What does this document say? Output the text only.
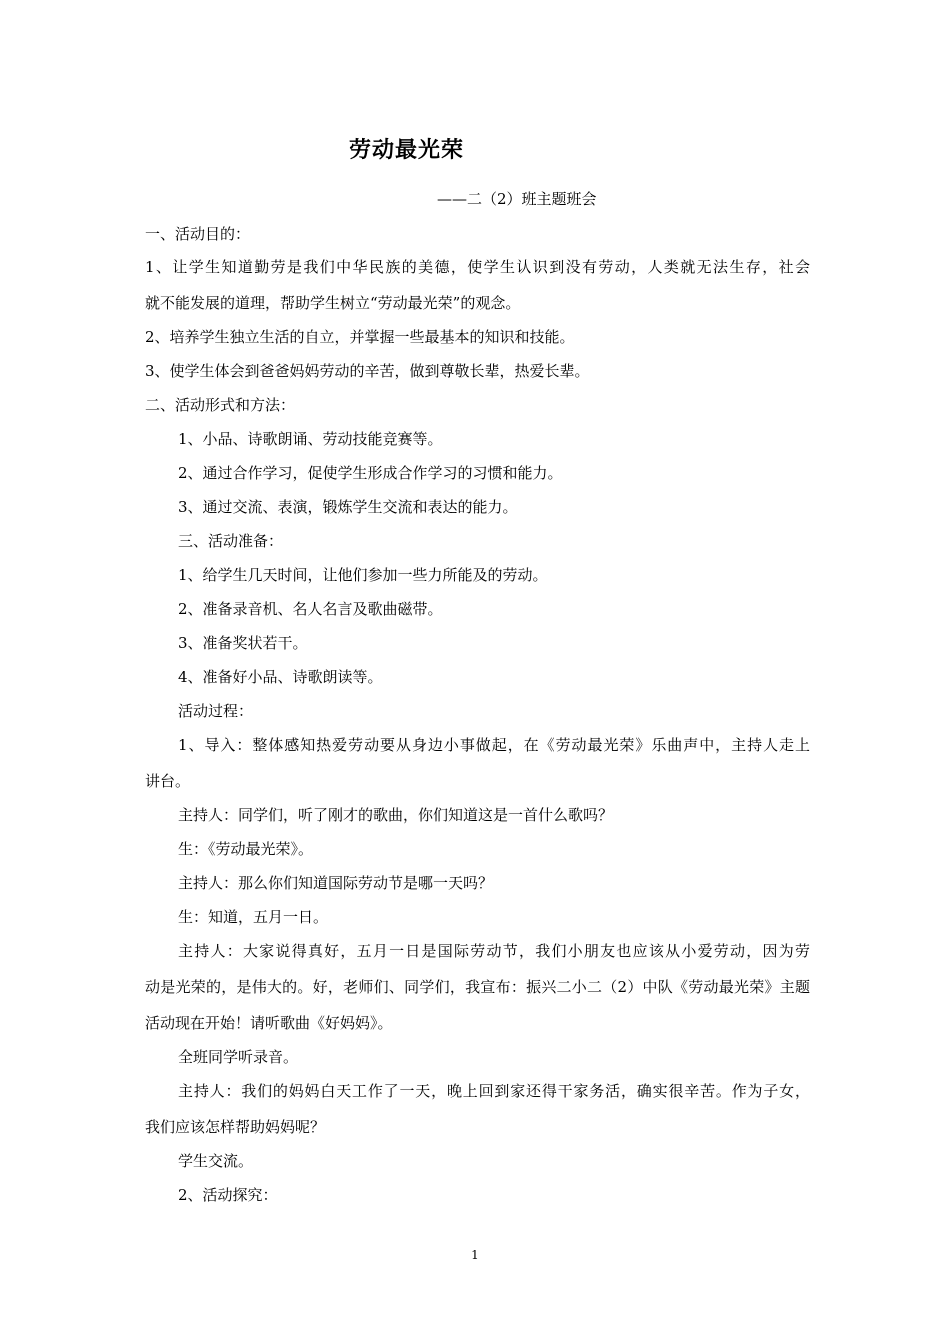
劳动最光荣
——二（2）班主题班会
一、活动目的：
1、让学生知道勤劳是我们中华民族的美德，使学生认识到没有劳动，人类就无法生存，社会
就不能发展的道理，帮助学生树立“劳动最光荣”的观念。
2、培养学生独立生活的自立，并掌握一些最基本的知识和技能。
3、使学生体会到爸爸妈妈劳动的辛苦，做到尊敬长辈，热爱长辈。
二、活动形式和方法：
1、小品、诗歌朗诵、劳动技能竞赛等。
2、通过合作学习，促使学生形成合作学习的习惯和能力。
3、通过交流、表演，锻炼学生交流和表达的能力。
三、活动准备：
1、给学生几天时间，让他们参加一些力所能及的劳动。
2、准备录音机、名人名言及歌曲磁带。
3、准备奖状若干。
4、准备好小品、诗歌朗读等。
活动过程：
1、导入：整体感知热爱劳动要从身边小事做起，在《劳动最光荣》乐曲声中，主持人走上
讲台。
主持人：同学们，听了刚才的歌曲，你们知道这是一首什么歌吗？
生：《劳动最光荣》。
主持人：那么你们知道国际劳动节是哪一天吗？
生：知道，五月一日。
主持人：大家说得真好，五月一日是国际劳动节，我们小朋友也应该从小爱劳动，因为劳
动是光荣的，是伟大的。好，老师们、同学们，我宣布：振兴二小二（2）中队《劳动最光荣》主题
活动现在开始！请听歌曲《好妈妈》。
全班同学听录音。
主持人：我们的妈妈白天工作了一天，晚上回到家还得干家务活，确实很辛苦。作为子女，
我们应该怎样帮助妈妈呢？
学生交流。
2、活动探究：
1
